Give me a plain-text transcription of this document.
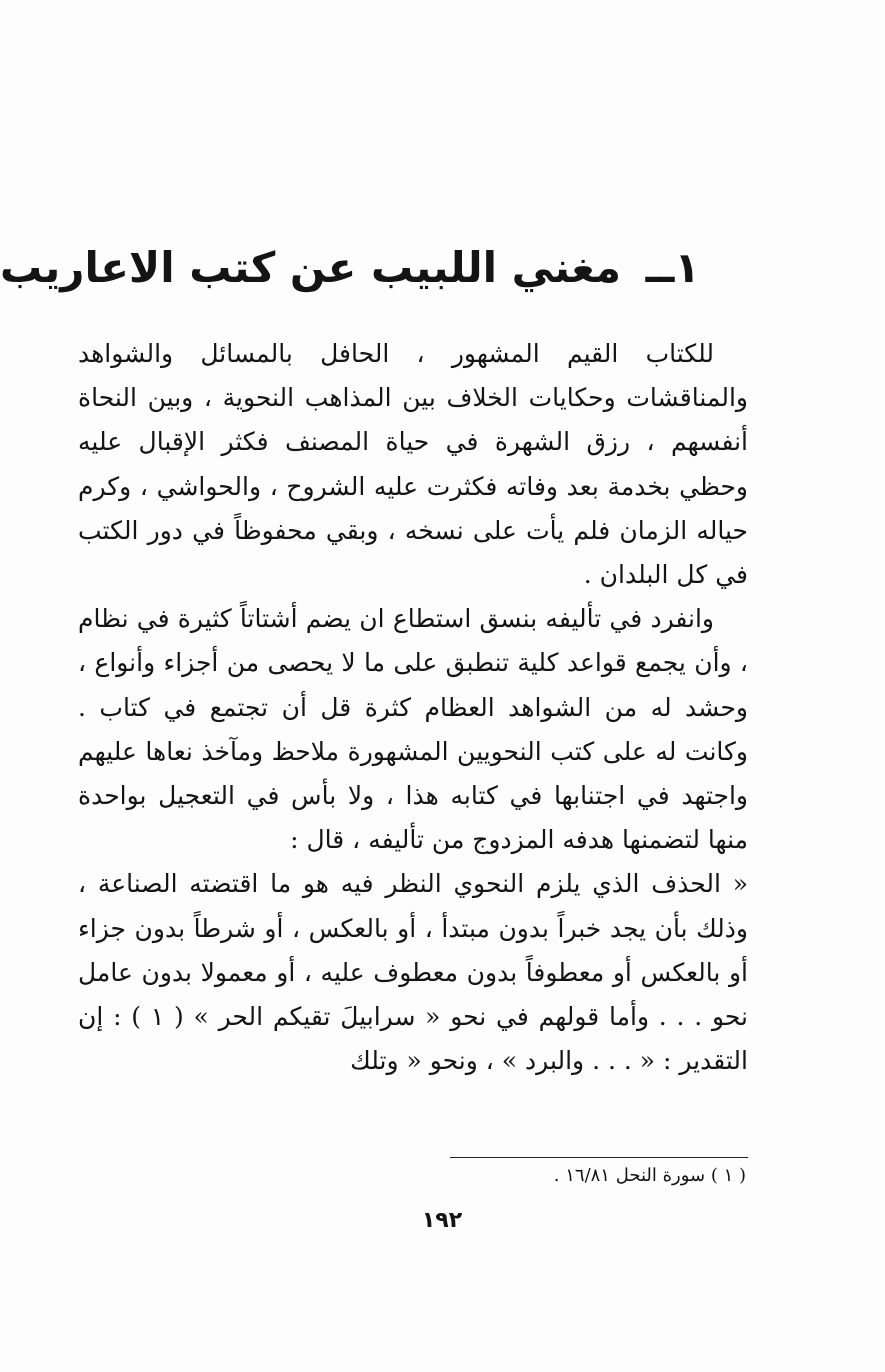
١ــ مغني اللبيب عن كتب الاعاريب

للكتاب القيم المشهور ، الحافل بالمسائل والشواهد والمناقشات وحكايات الخلاف بين المذاهب النحوية ، وبين النحاة أنفسهم ، رزق الشهرة في حياة المصنف فكثر الإقبال عليه وحظي بخدمة بعد وفاته فكثرت عليه الشروح ، والحواشي ، وكرم حياله الزمان فلم يأت على نسخه ، وبقي محفوظاً في دور الكتب في كل البلدان .

وانفرد في تأليفه بنسق استطاع ان يضم أشتاتاً كثيرة في نظام ، وأن يجمع قواعد كلية تنطبق على ما لا يحصى من أجزاء وأنواع ، وحشد له من الشواهد العظام كثرة قل أن تجتمع في كتاب . وكانت له على كتب النحويين المشهورة ملاحظ ومآخذ نعاها عليهم واجتهد في اجتنابها في كتابه هذا ، ولا بأس في التعجيل بواحدة منها لتضمنها هدفه المزدوج من تأليفه ، قال :

« الحذف الذي يلزم النحوي النظر فيه هو ما اقتضته الصناعة ، وذلك بأن يجد خبراً بدون مبتدأ ، أو بالعكس ، أو شرطاً بدون جزاء أو بالعكس أو معطوفاً بدون معطوف عليه ، أو معمولا بدون عامل نحو . . . وأما قولهم في نحو « سرابيلَ تقيكم الحر » ( ١ ) : إن التقدير : « . . . والبرد » ، ونحو « وتلك

( ١ ) سورة النحل ١٦/٨١ .
١٩٢
